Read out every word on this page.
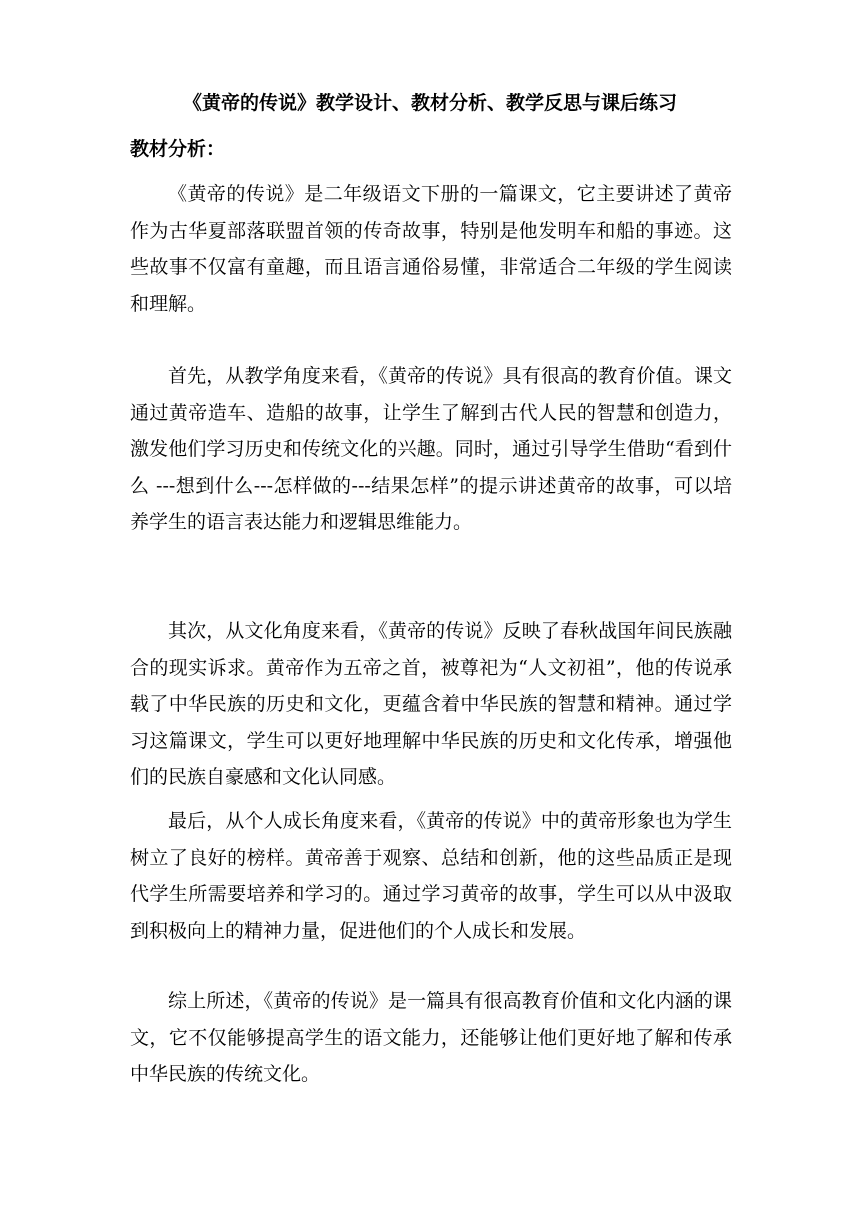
《黄帝的传说》教学设计、教材分析、教学反思与课后练习
教材分析：

《黄帝的传说》是二年级语文下册的一篇课文，它主要讲述了黄帝作为古华夏部落联盟首领的传奇故事，特别是他发明车和船的事迹。这些故事不仅富有童趣，而且语言通俗易懂，非常适合二年级的学生阅读和理解。

首先，从教学角度来看，《黄帝的传说》具有很高的教育价值。课文通过黄帝造车、造船的故事，让学生了解到古代人民的智慧和创造力，激发他们学习历史和传统文化的兴趣。同时，通过引导学生借助“看到什么 ---想到什么---怎样做的---结果怎样”的提示讲述黄帝的故事，可以培养学生的语言表达能力和逻辑思维能力。

其次，从文化角度来看，《黄帝的传说》反映了春秋战国年间民族融合的现实诉求。黄帝作为五帝之首，被尊祀为“人文初祖”，他的传说承载了中华民族的历史和文化，更蕴含着中华民族的智慧和精神。通过学习这篇课文，学生可以更好地理解中华民族的历史和文化传承，增强他们的民族自豪感和文化认同感。

最后，从个人成长角度来看，《黄帝的传说》中的黄帝形象也为学生树立了良好的榜样。黄帝善于观察、总结和创新，他的这些品质正是现代学生所需要培养和学习的。通过学习黄帝的故事，学生可以从中汲取到积极向上的精神力量，促进他们的个人成长和发展。

综上所述，《黄帝的传说》是一篇具有很高教育价值和文化内涵的课文，它不仅能够提高学生的语文能力，还能够让他们更好地了解和传承中华民族的传统文化。
